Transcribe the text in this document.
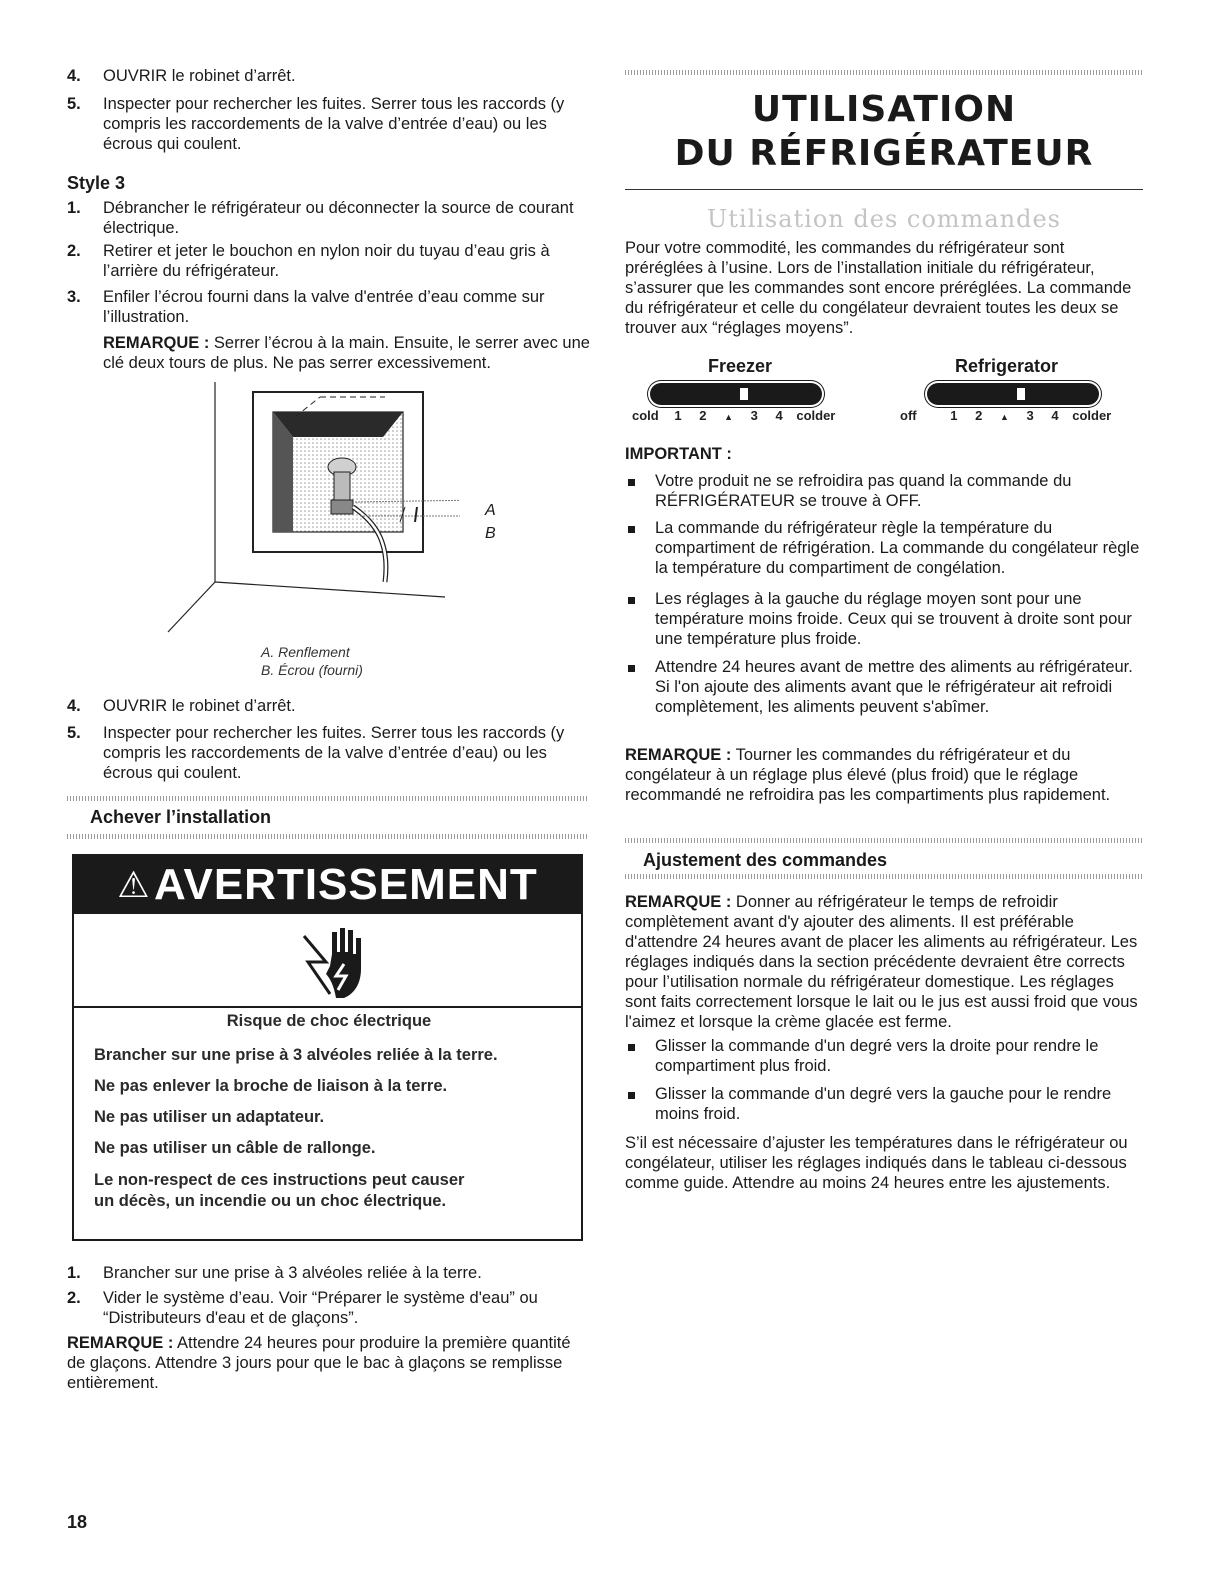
4. OUVRIR le robinet d’arrêt.
5. Inspecter pour rechercher les fuites. Serrer tous les raccords (y compris les raccordements de la valve d’entrée d’eau) ou les écrous qui coulent.
Style 3
1. Débrancher le réfrigérateur ou déconnecter la source de courant électrique.
2. Retirer et jeter le bouchon en nylon noir du tuyau d’eau gris à l’arrière du réfrigérateur.
3. Enfiler l’écrou fourni dans la valve d'entrée d’eau comme sur l’illustration.
REMARQUE : Serrer l’écrou à la main. Ensuite, le serrer avec une clé deux tours de plus. Ne pas serrer excessivement.
A
B
A. Renflement
B. Écrou (fourni)
4. OUVRIR le robinet d’arrêt.
5. Inspecter pour rechercher les fuites. Serrer tous les raccords (y compris les raccordements de la valve d’entrée d’eau) ou les écrous qui coulent.
Achever l’installation
⚠ AVERTISSEMENT
Risque de choc électrique
Brancher sur une prise à 3 alvéoles reliée à la terre.
Ne pas enlever la broche de liaison à la terre.
Ne pas utiliser un adaptateur.
Ne pas utiliser un câble de rallonge.
Le non-respect de ces instructions peut causer
un décès, un incendie ou un choc électrique.
1. Brancher sur une prise à 3 alvéoles reliée à la terre.
2. Vider le système d’eau. Voir “Préparer le système d'eau” ou “Distributeurs d'eau et de glaçons”.
REMARQUE : Attendre 24 heures pour produire la première quantité de glaçons. Attendre 3 jours pour que le bac à glaçons se remplisse entièrement.
18
UTILISATION
DU RÉFRIGÉRATEUR
Utilisation des commandes
Pour votre commodité, les commandes du réfrigérateur sont préréglées à l’usine. Lors de l’installation initiale du réfrigérateur, s’assurer que les commandes sont encore préréglées. La commande du réfrigérateur et celle du congélateur devraient toutes les deux se trouver aux “réglages moyens”.
Freezer	Refrigerator
cold 1 2 ▲ 3 4 colder	off	1 2 ▲ 3 4 colder
IMPORTANT :
Votre produit ne se refroidira pas quand la commande du RÉFRIGÉRATEUR se trouve à OFF.
La commande du réfrigérateur règle la température du compartiment de réfrigération. La commande du congélateur règle la température du compartiment de congélation.
Les réglages à la gauche du réglage moyen sont pour une température moins froide. Ceux qui se trouvent à droite sont pour une température plus froide.
Attendre 24 heures avant de mettre des aliments au réfrigérateur. Si l'on ajoute des aliments avant que le réfrigérateur ait refroidi complètement, les aliments peuvent s'abîmer.
REMARQUE : Tourner les commandes du réfrigérateur et du congélateur à un réglage plus élevé (plus froid) que le réglage recommandé ne refroidira pas les compartiments plus rapidement.
Ajustement des commandes
REMARQUE : Donner au réfrigérateur le temps de refroidir complètement avant d'y ajouter des aliments. Il est préférable d'attendre 24 heures avant de placer les aliments au réfrigérateur. Les réglages indiqués dans la section précédente devraient être corrects pour l’utilisation normale du réfrigérateur domestique. Les réglages sont faits correctement lorsque le lait ou le jus est aussi froid que vous l'aimez et lorsque la crème glacée est ferme.
Glisser la commande d'un degré vers la droite pour rendre le compartiment plus froid.
Glisser la commande d'un degré vers la gauche pour le rendre moins froid.
S’il est nécessaire d’ajuster les températures dans le réfrigérateur ou congélateur, utiliser les réglages indiqués dans le tableau ci-dessous comme guide. Attendre au moins 24 heures entre les ajustements.
